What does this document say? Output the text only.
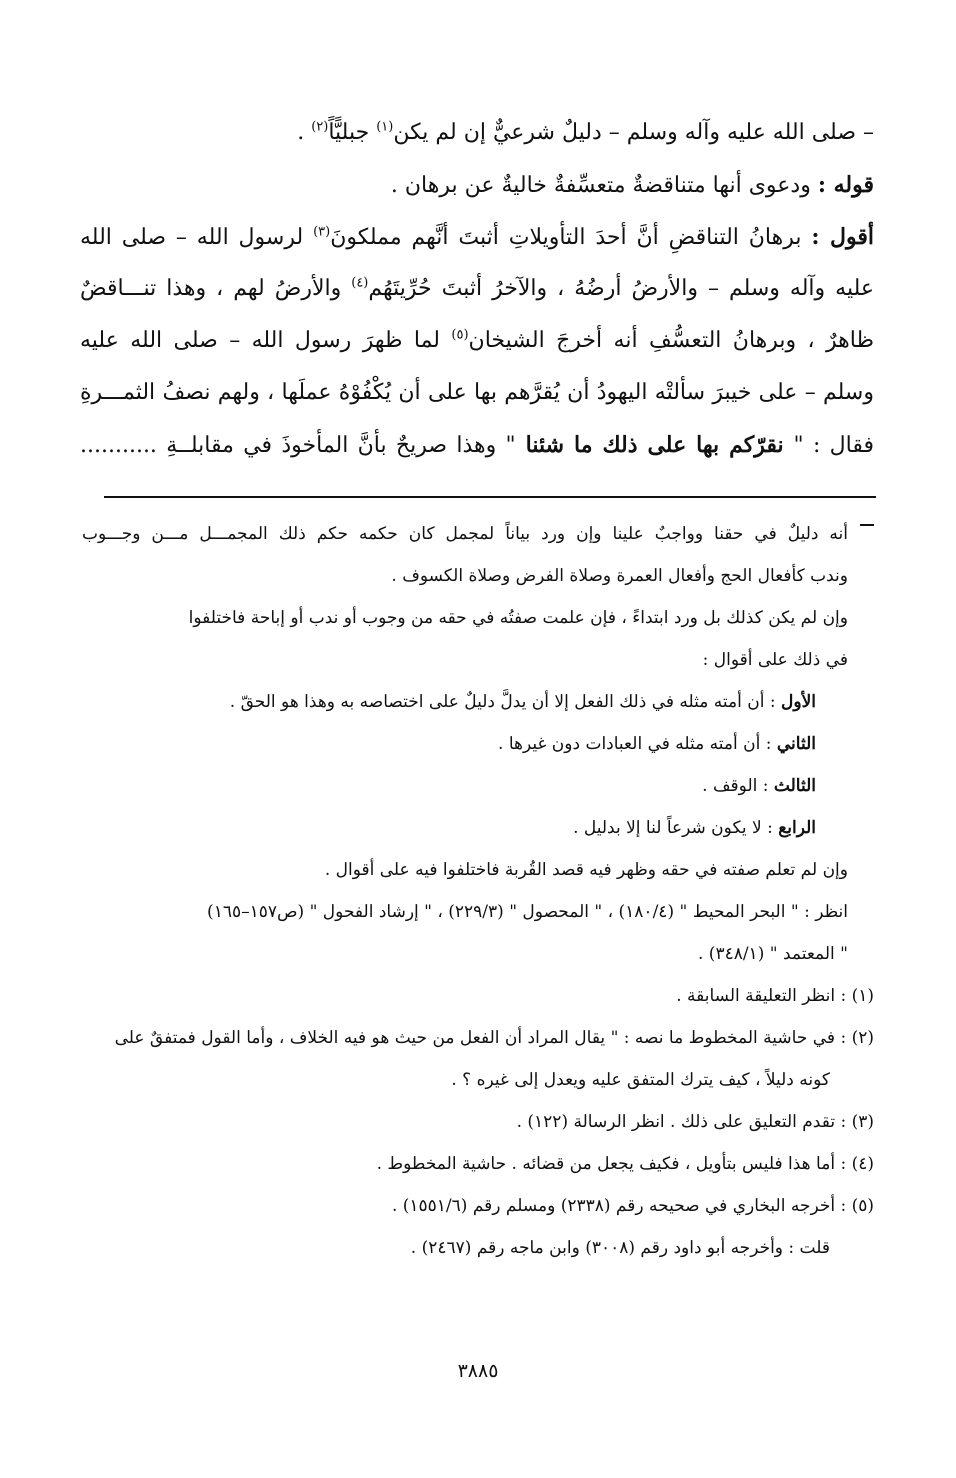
– صلى الله عليه وآله وسلم – دليلٌ شرعيٌّ إن لم يكن$^{(١)}$ جبليًّاً$^{(٢)}$ .
قوله : ودعوى أنها متناقضةٌ متعسِّفةٌ خاليةٌ عن برهان .
أقول : برهانُ التناقضِ أنَّ أحدَ التأويلاتِ أثبتَ أنَّهم مملكونَ$^{(٣)}$ لرسول الله – صلى الله
عليه وآله وسلم – والأرضُ أرضُهُ ، والآخرُ أثبتَ حُرِّيتَهُم$^{(٤)}$ والأرضُ لهم ، وهذا تنـــاقضٌ
ظاهرٌ ، وبرهانُ التعسُّفِ أنه أخرجَ الشيخان$^{(٥)}$ لما ظهرَ رسول الله – صلى الله عليه
وسلم – على خيبرَ سألتْه اليهودُ أن يُقرَّهم بها على أن يُكْفُوْهُ عملَها ، ولهم نصفُ الثمـــرةِ
فقال : " نقرّكم بها على ذلك ما شئنا " وهذا صريحٌ بأنَّ المأخوذَ في مقابلــةِ ...........
أنه دليلٌ في حقنا وواجبٌ علينا وإن ورد بياناً لمجمل كان حكمه حكم ذلك المجمـــل مـــن وجـــوب
وندب كأفعال الحج وأفعال العمرة وصلاة الفرض وصلاة الكسوف .
وإن لم يكن كذلك بل ورد ابتداءً ، فإن علمت صفتُه في حقه من وجوب أو ندب أو إباحة فاختلفوا
في ذلك على أقوال :
الأول : أن أمته مثله في ذلك الفعل إلا أن يدلَّ دليلٌ على اختصاصه به وهذا هو الحقّ .
الثاني : أن أمته مثله في العبادات دون غيرها .
الثالث : الوقف .
الرابع : لا يكون شرعاً لنا إلا بدليل .
وإن لم تعلم صفته في حقه وظهر فيه قصد القُربة فاختلفوا فيه على أقوال .
انظر : " البحر المحيط " (١٨٠/٤) ، " المحصول " (٢٢٩/٣) ، " إرشاد الفحول " (ص١٥٧–١٦٥)
" المعتمد " (٣٤٨/١) .
(١) : انظر التعليقة السابقة .
(٢) : في حاشية المخطوط ما نصه : " يقال المراد أن الفعل من حيث هو فيه الخلاف ، وأما القول فمتفقٌ على
كونه دليلاً ، كيف يترك المتفق عليه ويعدل إلى غيره ؟ .
(٣) : تقدم التعليق على ذلك . انظر الرسالة (١٢٢) .
(٤) : أما هذا فليس بتأويل ، فكيف يجعل من قضائه . حاشية المخطوط .
(٥) : أخرجه البخاري في صحيحه رقم (٢٣٣٨) ومسلم رقم (١٥٥١/٦) .
قلت : وأخرجه أبو داود رقم (٣٠٠٨) وابن ماجه رقم (٢٤٦٧) .
٣٨٨٥
